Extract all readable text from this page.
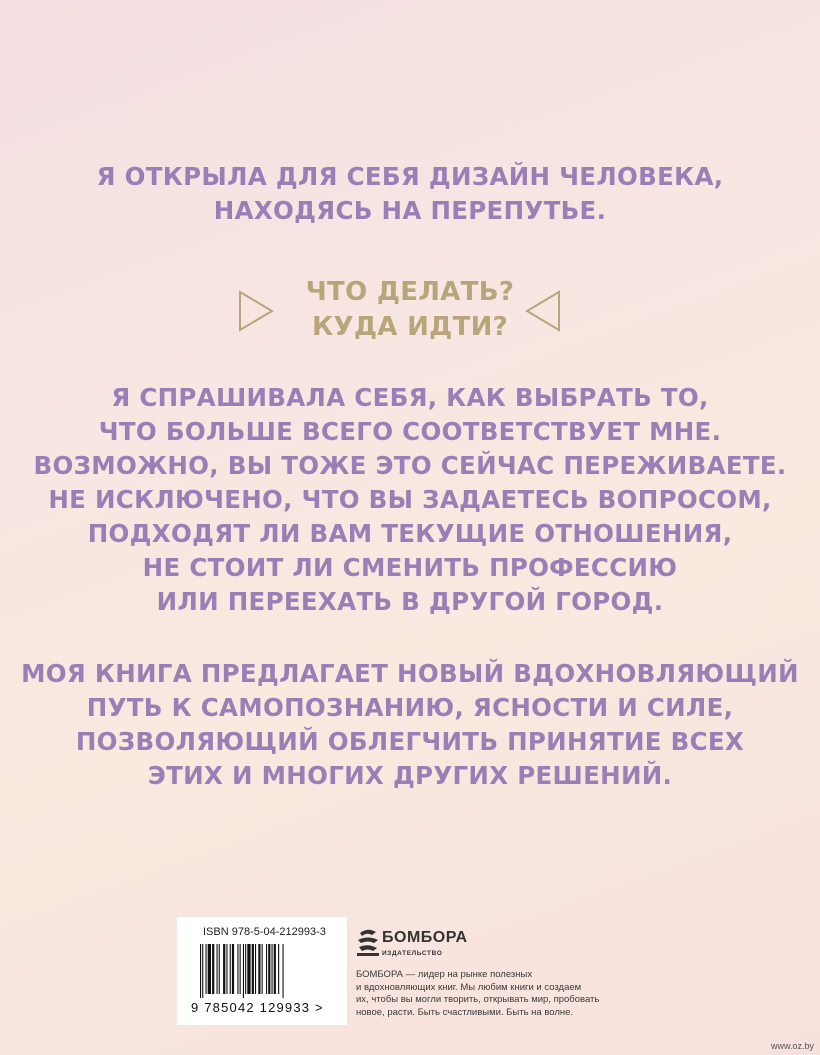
Я ОТКРЫЛА ДЛЯ СЕБЯ ДИЗАЙН ЧЕЛОВЕКА,
НАХОДЯСЬ НА ПЕРЕПУТЬЕ.
ЧТО ДЕЛАТЬ?
КУДА ИДТИ?
Я СПРАШИВАЛА СЕБЯ, КАК ВЫБРАТЬ ТО,
ЧТО БОЛЬШЕ ВСЕГО СООТВЕТСТВУЕТ МНЕ.
ВОЗМОЖНО, ВЫ ТОЖЕ ЭТО СЕЙЧАС ПЕРЕЖИВАЕТЕ.
НЕ ИСКЛЮЧЕНО, ЧТО ВЫ ЗАДАЕТЕСЬ ВОПРОСОМ,
ПОДХОДЯТ ЛИ ВАМ ТЕКУЩИЕ ОТНОШЕНИЯ,
НЕ СТОИТ ЛИ СМЕНИТЬ ПРОФЕССИЮ
ИЛИ ПЕРЕЕХАТЬ В ДРУГОЙ ГОРОД.
МОЯ КНИГА ПРЕДЛАГАЕТ НОВЫЙ ВДОХНОВЛЯЮЩИЙ
ПУТЬ К САМОПОЗНАНИЮ, ЯСНОСТИ И СИЛЕ,
ПОЗВОЛЯЮЩИЙ ОБЛЕГЧИТЬ ПРИНЯТИЕ ВСЕХ
ЭТИХ И МНОГИХ ДРУГИХ РЕШЕНИЙ.
ISBN 978-5-04-212993-3
9 785042 129933 >
БОМБОРА
ИЗДАТЕЛЬСТВО
БОМБОРА — лидер на рынке полезных
и вдохновляющих книг. Мы любим книги и создаем
их, чтобы вы могли творить, открывать мир, пробовать
новое, расти. Быть счастливыми. Быть на волне.
www.oz.by
